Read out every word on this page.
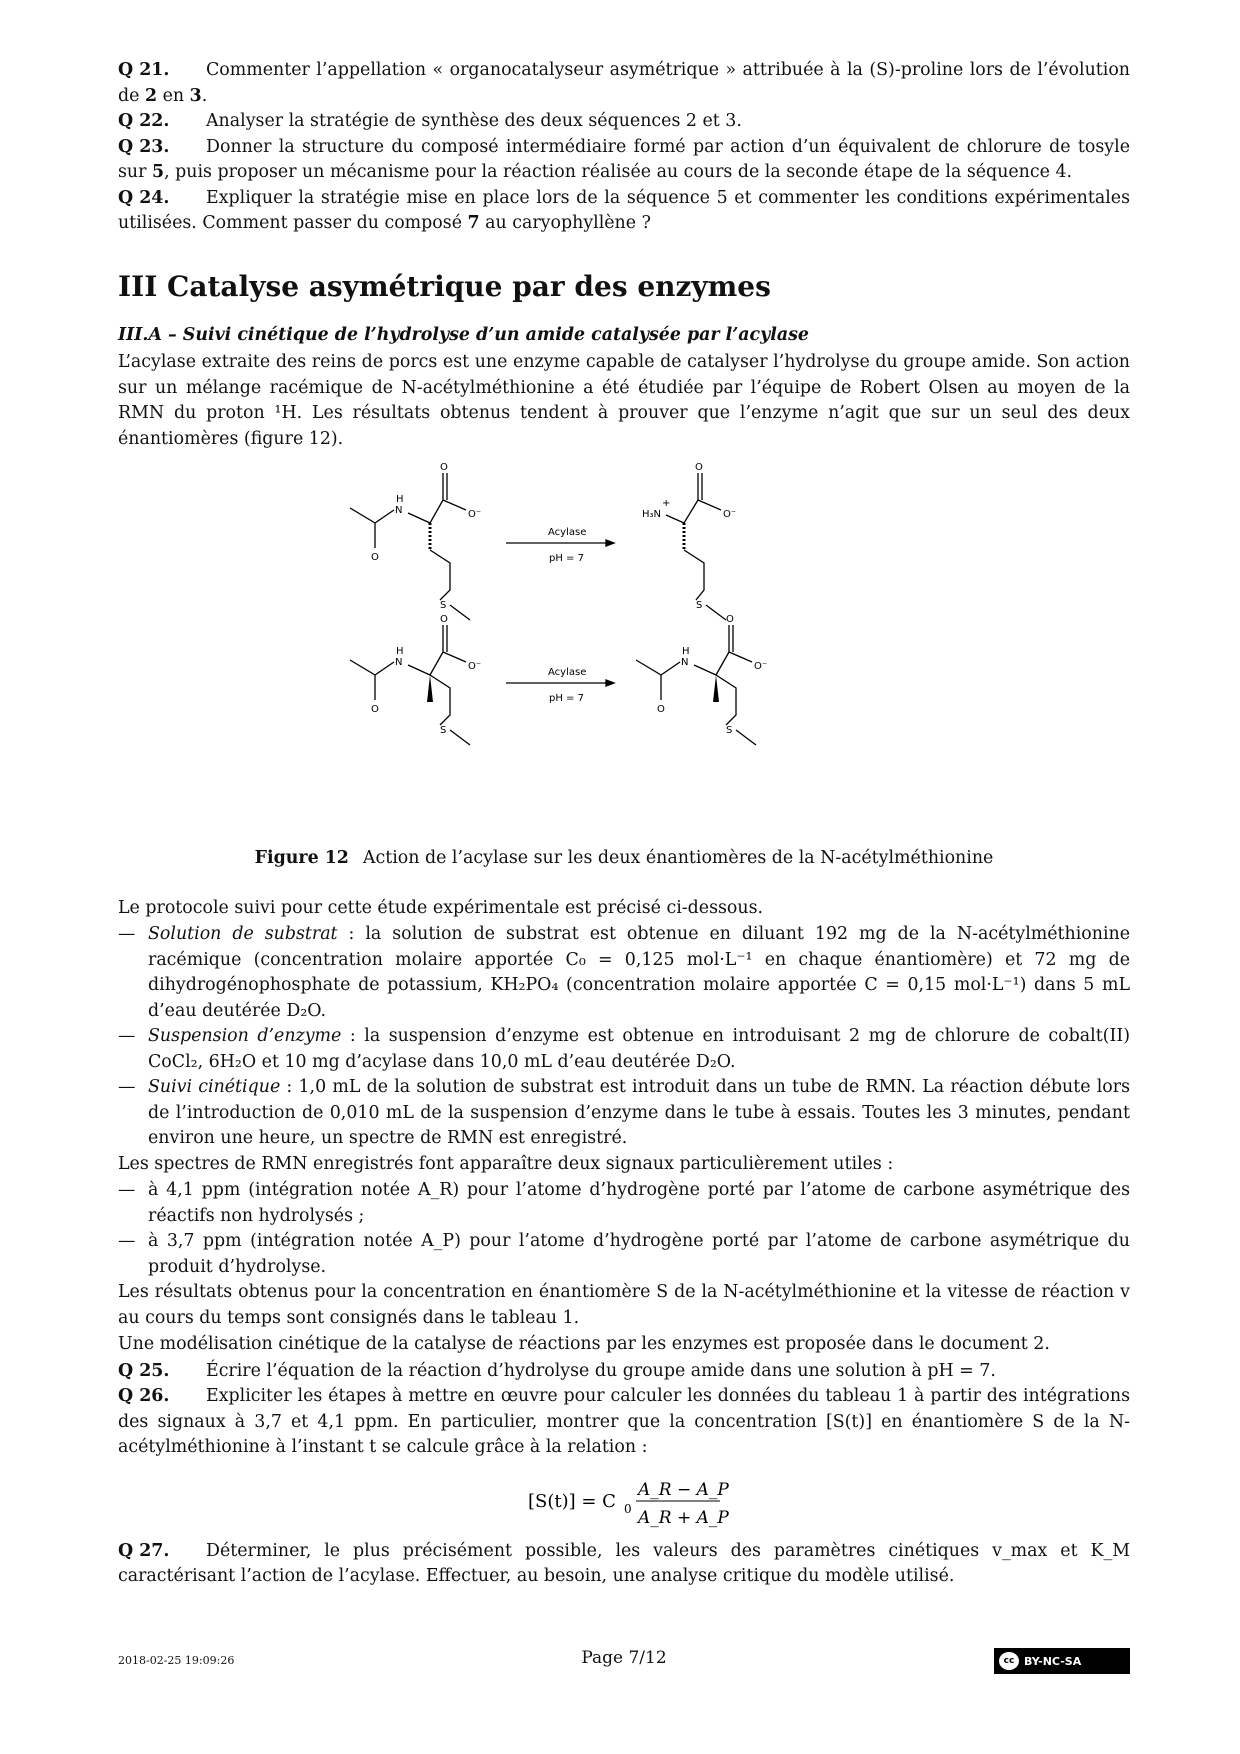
Q 21. Commenter l’appellation « organocatalyseur asymétrique » attribuée à la (S)-proline lors de l’évolution de 2 en 3.

Q 22. Analyser la stratégie de synthèse des deux séquences 2 et 3.

Q 23. Donner la structure du composé intermédiaire formé par action d’un équivalent de chlorure de tosyle sur 5, puis proposer un mécanisme pour la réaction réalisée au cours de la seconde étape de la séquence 4.

Q 24. Expliquer la stratégie mise en place lors de la séquence 5 et commenter les conditions expérimentales utilisées. Comment passer du composé 7 au caryophyllène ?

III Catalyse asymétrique par des enzymes
III.A – Suivi cinétique de l’hydrolyse d’un amide catalysée par l’acylase

L’acylase extraite des reins de porcs est une enzyme capable de catalyser l’hydrolyse du groupe amide. Son action sur un mélange racémique de N-acétylméthionine a été étudiée par l’équipe de Robert Olsen au moyen de la RMN du proton ¹H. Les résultats obtenus tendent à prouver que l’enzyme n’agit que sur un seul des deux énantiomères (figure 12).

O
H
N
O
O⁻
S
Acylase
pH = 7
H₃N
+
O
O⁻
S
O
H
N
O
O⁻
S
Acylase
pH = 7
O
H
N
O
O⁻
S
Figure 12 Action de l’acylase sur les deux énantiomères de la N-acétylméthionine

Le protocole suivi pour cette étude expérimentale est précisé ci-dessous.

— Solution de substrat : la solution de substrat est obtenue en diluant 192 mg de la N-acétylméthionine racémique (concentration molaire apportée C₀ = 0,125 mol·L⁻¹ en chaque énantiomère) et 72 mg de dihydrogénophosphate de potassium, KH₂PO₄ (concentration molaire apportée C = 0,15 mol·L⁻¹) dans 5 mL d’eau deutérée D₂O.
— Suspension d’enzyme : la suspension d’enzyme est obtenue en introduisant 2 mg de chlorure de cobalt(II) CoCl₂, 6H₂O et 10 mg d’acylase dans 10,0 mL d’eau deutérée D₂O.
— Suivi cinétique : 1,0 mL de la solution de substrat est introduit dans un tube de RMN. La réaction débute lors de l’introduction de 0,010 mL de la suspension d’enzyme dans le tube à essais. Toutes les 3 minutes, pendant environ une heure, un spectre de RMN est enregistré.

Les spectres de RMN enregistrés font apparaître deux signaux particulièrement utiles :

— à 4,1 ppm (intégration notée A_R) pour l’atome d’hydrogène porté par l’atome de carbone asymétrique des réactifs non hydrolysés ;
— à 3,7 ppm (intégration notée A_P) pour l’atome d’hydrogène porté par l’atome de carbone asymétrique du produit d’hydrolyse.

Les résultats obtenus pour la concentration en énantiomère S de la N-acétylméthionine et la vitesse de réaction v au cours du temps sont consignés dans le tableau 1.

Une modélisation cinétique de la catalyse de réactions par les enzymes est proposée dans le document 2.

Q 25. Écrire l’équation de la réaction d’hydrolyse du groupe amide dans une solution à pH = 7.

Q 26. Expliciter les étapes à mettre en œuvre pour calculer les données du tableau 1 à partir des intégrations des signaux à 3,7 et 4,1 ppm. En particulier, montrer que la concentration [S(t)] en énantiomère S de la N-acétylméthionine à l’instant t se calcule grâce à la relation :

[S(t)] = C 0
A_R − A_P
A_R + A_P

Q 27. Déterminer, le plus précisément possible, les valeurs des paramètres cinétiques v_max et K_M caractérisant l’action de l’acylase. Effectuer, au besoin, une analyse critique du modèle utilisé.

2018-02-25 19:09:26	Page 7/12	cc BY-NC-SA
